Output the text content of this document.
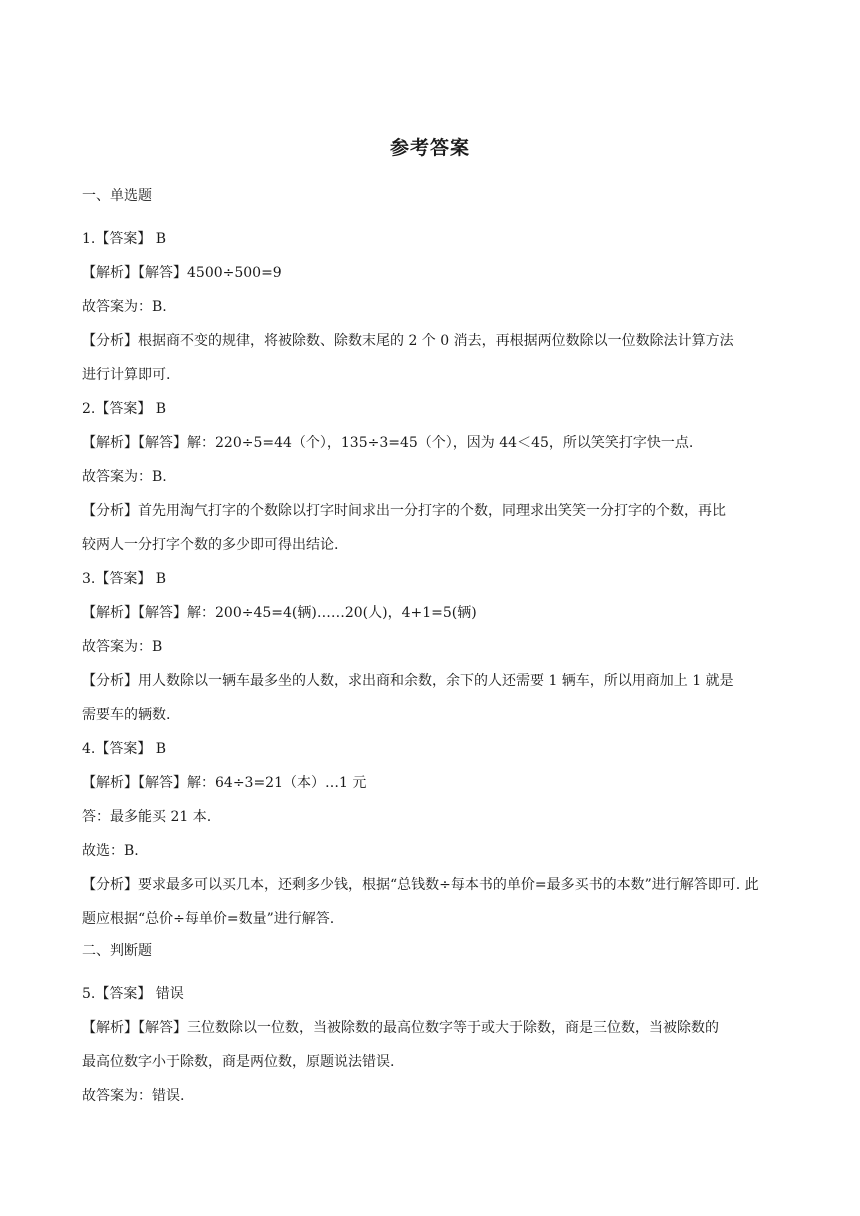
参考答案
一、单选题
1.【答案】 B
【解析】【解答】4500÷500=9
故答案为：B.
【分析】根据商不变的规律，将被除数、除数末尾的 2 个 0 消去，再根据两位数除以一位数除法计算方法
进行计算即可.
2.【答案】 B
【解析】【解答】解：220÷5=44（个），135÷3=45（个），因为 44＜45，所以笑笑打字快一点.
故答案为：B.
【分析】首先用淘气打字的个数除以打字时间求出一分打字的个数，同理求出笑笑一分打字的个数，再比
较两人一分打字个数的多少即可得出结论.
3.【答案】 B
【解析】【解答】解：200÷45=4(辆)……20(人)，4+1=5(辆)
故答案为：B
【分析】用人数除以一辆车最多坐的人数，求出商和余数，余下的人还需要 1 辆车，所以用商加上 1 就是
需要车的辆数.
4.【答案】 B
【解析】【解答】解：64÷3=21（本）…1 元
答：最多能买 21 本.
故选：B.
【分析】要求最多可以买几本，还剩多少钱，根据“总钱数÷每本书的单价=最多买书的本数”进行解答即可. 此
题应根据“总价÷每单价=数量”进行解答.
二、判断题
5.【答案】 错误
【解析】【解答】三位数除以一位数，当被除数的最高位数字等于或大于除数，商是三位数，当被除数的
最高位数字小于除数，商是两位数，原题说法错误.
故答案为：错误.
